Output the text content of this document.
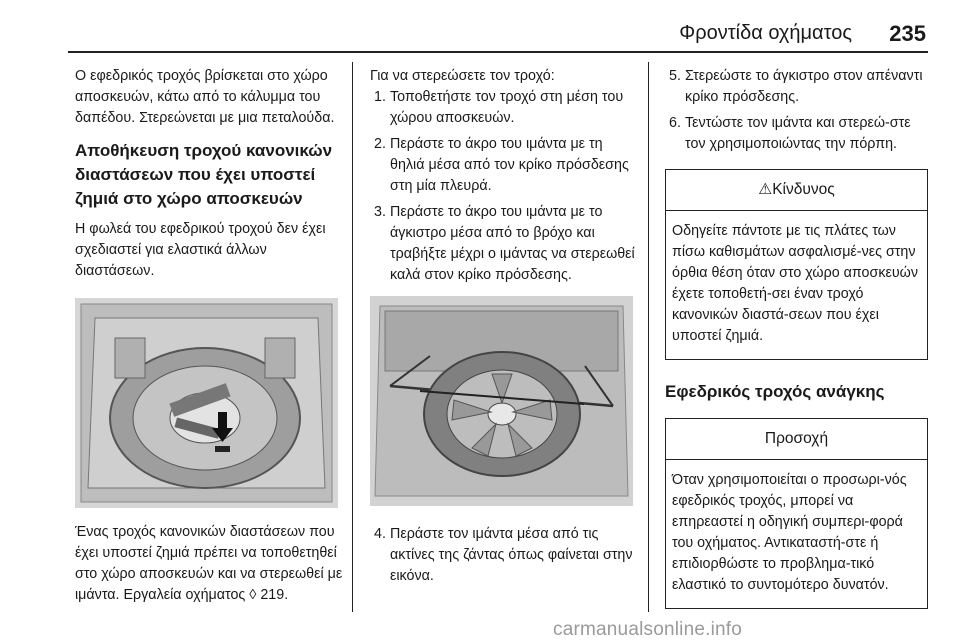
Φροντίδα οχήματος 235

Ο εφεδρικός τροχός βρίσκεται στο χώρο αποσκευών, κάτω από το κάλυμμα του δαπέδου. Στερεώνεται με μια πεταλούδα.

Αποθήκευση τροχού κανονικών διαστάσεων που έχει υποστεί ζημιά στο χώρο αποσκευών

Η φωλεά του εφεδρικού τροχού δεν έχει σχεδιαστεί για ελαστικά άλλων διαστάσεων.

Ένας τροχός κανονικών διαστάσεων που έχει υποστεί ζημιά πρέπει να τοποθετηθεί στο χώρο αποσκευών και να στερεωθεί με ιμάντα. Εργαλεία οχήματος ◊ 219.

Για να στερεώσετε τον τροχό:

1. Τοποθετήστε τον τροχό στη μέση του χώρου αποσκευών.
2. Περάστε το άκρο του ιμάντα με τη θηλιά μέσα από τον κρίκο πρόσδεσης στη μία πλευρά.
3. Περάστε το άκρο του ιμάντα με το άγκιστρο μέσα από το βρόχο και τραβήξτε μέχρι ο ιμάντας να στερεωθεί καλά στον κρίκο πρόσδεσης.
4. Περάστε τον ιμάντα μέσα από τις ακτίνες της ζάντας όπως φαίνεται στην εικόνα.
5. Στερεώστε το άγκιστρο στον απέναντι κρίκο πρόσδεσης.
6. Τεντώστε τον ιμάντα και στερεώ-στε τον χρησιμοποιώντας την πόρπη.
⚠Κίνδυνος
Οδηγείτε πάντοτε με τις πλάτες των πίσω καθισμάτων ασφαλισμέ-νες στην όρθια θέση όταν στο χώρο αποσκευών έχετε τοποθετή-σει έναν τροχό κανονικών διαστά-σεων που έχει υποστεί ζημιά.
Εφεδρικός τροχός ανάγκης
Προσοχή
Όταν χρησιμοποιείται ο προσωρι-νός εφεδρικός τροχός, μπορεί να επηρεαστεί η οδηγική συμπερι-φορά του οχήματος. Αντικαταστή-στε ή επιδιορθώστε το προβλημα-τικό ελαστικό το συντομότερο δυνατόν.
carmanualsonline.info
